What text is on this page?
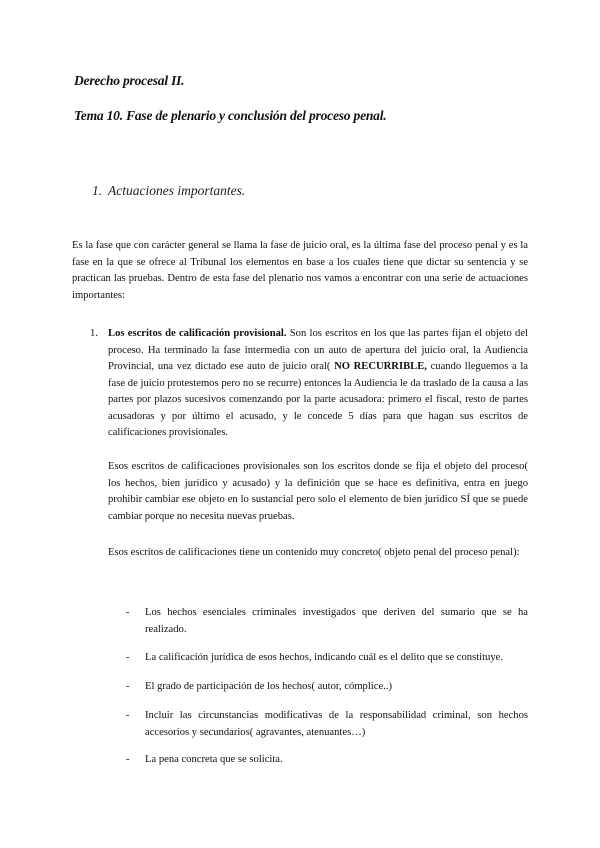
Derecho procesal II.
Tema 10. Fase de plenario y conclusión del proceso penal.
1. Actuaciones importantes.

Es la fase que con carácter general se llama la fase de juicio oral, es la última fase del proceso penal y es la fase en la que se ofrece al Tribunal los elementos en base a los cuales tiene que dictar su sentencia y se practican las pruebas. Dentro de esta fase del plenario nos vamos a encontrar con una serie de actuaciones importantes:

1. Los escritos de calificación provisional. Son los escritos en los que las partes fijan el objeto del proceso. Ha terminado la fase intermedia con un auto de apertura del juicio oral, la Audiencia Provincial, una vez dictado ese auto de juicio oral( NO RECURRIBLE, cuando lleguemos a la fase de juicio protestemos pero no se recurre) entonces la Audiencia le da traslado de la causa a las partes por plazos sucesivos comenzando por la parte acusadora: primero el fiscal, resto de partes acusadoras y por último el acusado, y le concede 5 días para que hagan sus escritos de calificaciones provisionales.

Esos escritos de calificaciones provisionales son los escritos donde se fija el objeto del proceso( los hechos, bien jurídico y acusado) y la definición que se hace es definitiva, entra en juego prohibir cambiar ese objeto en lo sustancial pero solo el elemento de bien jurídico SÍ que se puede cambiar porque no necesita nuevas pruebas.

Esos escritos de calificaciones tiene un contenido muy concreto( objeto penal del proceso penal):

- Los hechos esenciales criminales investigados que deriven del sumario que se ha realizado.

- La calificación jurídica de esos hechos, indicando cuál es el delito que se constituye.

- El grado de participación de los hechos( autor, cómplice..)

- Incluir las circunstancias modificativas de la responsabilidad criminal, son hechos accesorios y secundarios( agravantes, atenuantes…)

- La pena concreta que se solicita.
